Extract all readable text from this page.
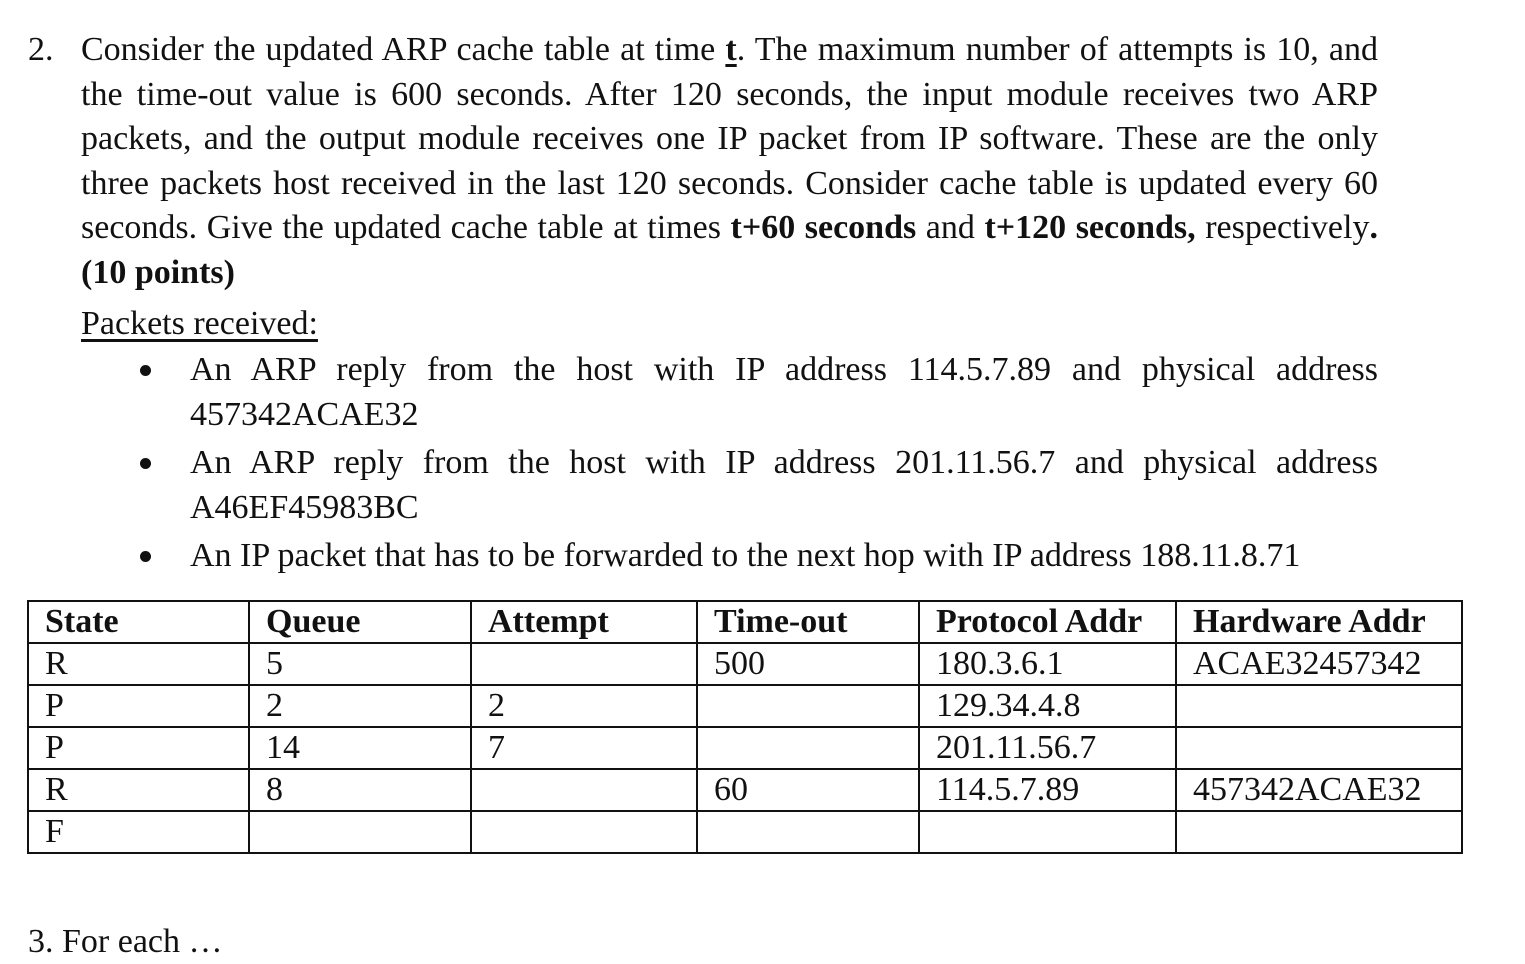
2. Consider the updated ARP cache table at time t. The maximum number of attempts is 10, and the time-out value is 600 seconds. After 120 seconds, the input module receives two ARP packets, and the output module receives one IP packet from IP software. These are the only three packets host received in the last 120 seconds. Consider cache table is updated every 60 seconds. Give the updated cache table at times t+60 seconds and t+120 seconds, respectively. (10 points)
Packets received:
An ARP reply from the host with IP address 114.5.7.89 and physical address 457342ACAE32
An ARP reply from the host with IP address 201.11.56.7 and physical address A46EF45983BC
An IP packet that has to be forwarded to the next hop with IP address 188.11.8.71
State	Queue	Attempt	Time-out	Protocol Addr	Hardware Addr
R	5		500	180.3.6.1	ACAE32457342
P	2	2		129.34.4.8	
P	14	7		201.11.56.7	
R	8		60	114.5.7.89	457342ACAE32
F					
3. For each …
